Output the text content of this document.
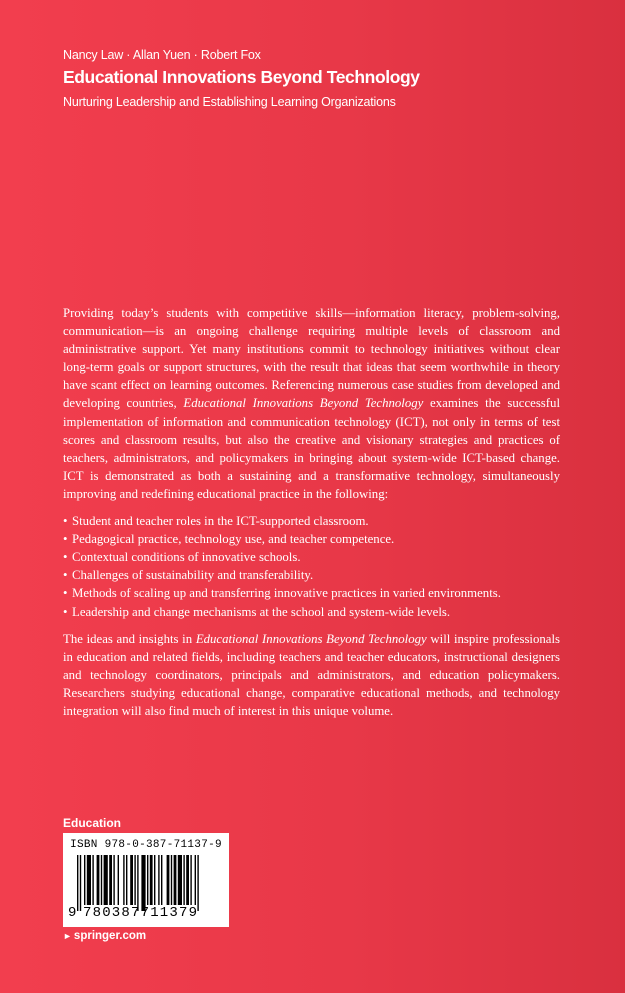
Nancy Law · Allan Yuen · Robert Fox
Educational Innovations Beyond Technology
Nurturing Leadership and Establishing Learning Organizations

Providing today’s students with competitive skills—information literacy, problem-solving, communication—is an ongoing challenge requiring multiple levels of classroom and administrative support. Yet many institutions commit to technology initiatives without clear long-term goals or support structures, with the result that ideas that seem worthwhile in theory have scant effect on learning outcomes. Referencing numerous case studies from developed and developing countries, Educational Innovations Beyond Technology examines the successful implementation of information and communication technology (ICT), not only in terms of test scores and classroom results, but also the creative and visionary strategies and practices of teachers, administrators, and policymakers in bringing about system-wide ICT-based change. ICT is demonstrated as both a sustaining and a transformative technology, simultaneously improving and redefining educational practice in the following:

• Student and teacher roles in the ICT-supported classroom.
• Pedagogical practice, technology use, and teacher competence.
• Contextual conditions of innovative schools.
• Challenges of sustainability and transferability.
• Methods of scaling up and transferring innovative practices in varied environments.
• Leadership and change mechanisms at the school and system-wide levels.

The ideas and insights in Educational Innovations Beyond Technology will inspire professionals in education and related fields, including teachers and teacher educators, instructional designers and technology coordinators, principals and administrators, and education policymakers. Researchers studying educational change, comparative educational methods, and technology integration will also find much of interest in this unique volume.

Education
ISBN 978-0-387-71137-9
9 780387711379
► springer.com
